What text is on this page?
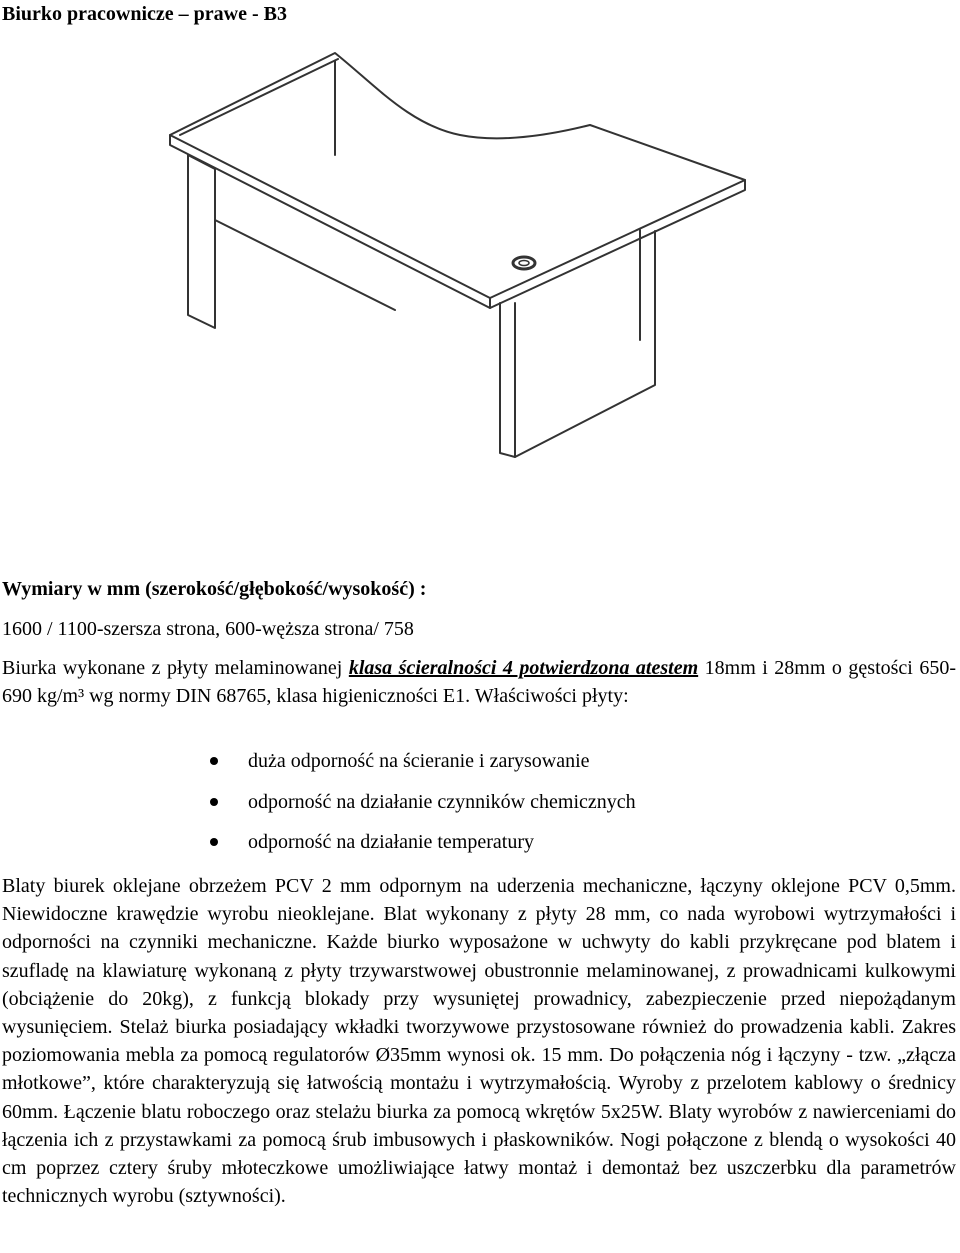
Biurko pracownicze – prawe - B3
Wymiary w mm (szerokość/głębokość/wysokość) :
1600 / 1100-szersza strona, 600-węższa strona/ 758
Biurka wykonane z płyty melaminowanej klasa ścieralności 4 potwierdzona atestem 18mm i 28mm o gęstości 650-690 kg/m³ wg normy DIN 68765, klasa higieniczności E1. Właściwości płyty:
duża odporność na ścieranie i zarysowanie
odporność na działanie czynników chemicznych
odporność na działanie temperatury
Blaty biurek oklejane obrzeżem PCV 2 mm odpornym na uderzenia mechaniczne, łączyny oklejone PCV 0,5mm.Niewidoczne krawędzie wyrobu nieoklejane. Blat wykonany z płyty 28 mm, co nada wyrobowi wytrzymałości i odporności na czynniki mechaniczne. Każde biurko wyposażone w uchwyty do kabli przykręcane pod blatem i szufladę na klawiaturę wykonaną z płyty trzywarstwowej obustronnie melaminowanej, z prowadnicami kulkowymi (obciążenie do 20kg), z funkcją blokady przy wysuniętej prowadnicy, zabezpieczenie przed niepożądanym wysunięciem. Stelaż biurka posiadający wkładki tworzywowe przystosowane również do prowadzenia kabli. Zakres poziomowania mebla za pomocą regulatorów Ø35mm wynosi ok. 15 mm. Do połączenia nóg i łączyny - tzw. „złącza młotkowe”, które charakteryzują się łatwością montażu i wytrzymałością. Wyroby z przelotem kablowy o średnicy 60mm. Łączenie blatu roboczego oraz stelażu biurka za pomocą wkrętów 5x25W. Blaty wyrobów z nawierceniami do łączenia ich z przystawkami za pomocą śrub imbusowych i płaskowników. Nogi połączone z blendą o wysokości 40 cm poprzez cztery śruby młoteczkowe umożliwiające łatwy montaż i demontaż bez uszczerbku dla parametrów technicznych wyrobu (sztywności).
